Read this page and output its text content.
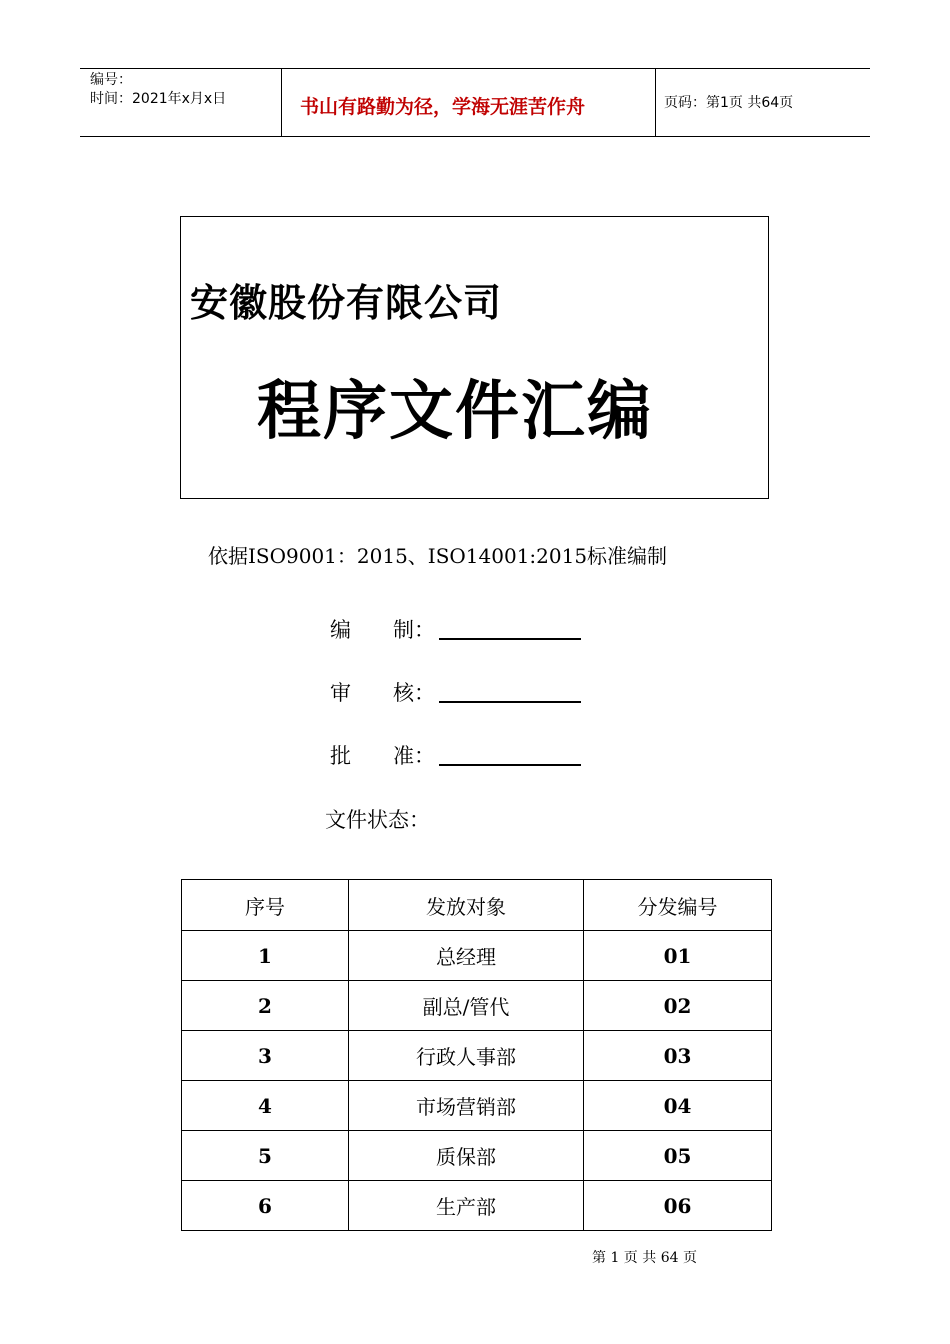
编号：
时间：2021年x月x日	书山有路勤为径，学海无涯苦作舟	页码：第1页 共64页
安徽股份有限公司
程序文件汇编
依据ISO9001：2015、ISO14001:2015标准编制
编　　制：
审　　核：
批　　准：
文件状态：
序号	发放对象	分发编号
1	总经理	01
2	副总/管代	02
3	行政人事部	03
4	市场营销部	04
5	质保部	05
6	生产部	06
第 1 页 共 64 页
